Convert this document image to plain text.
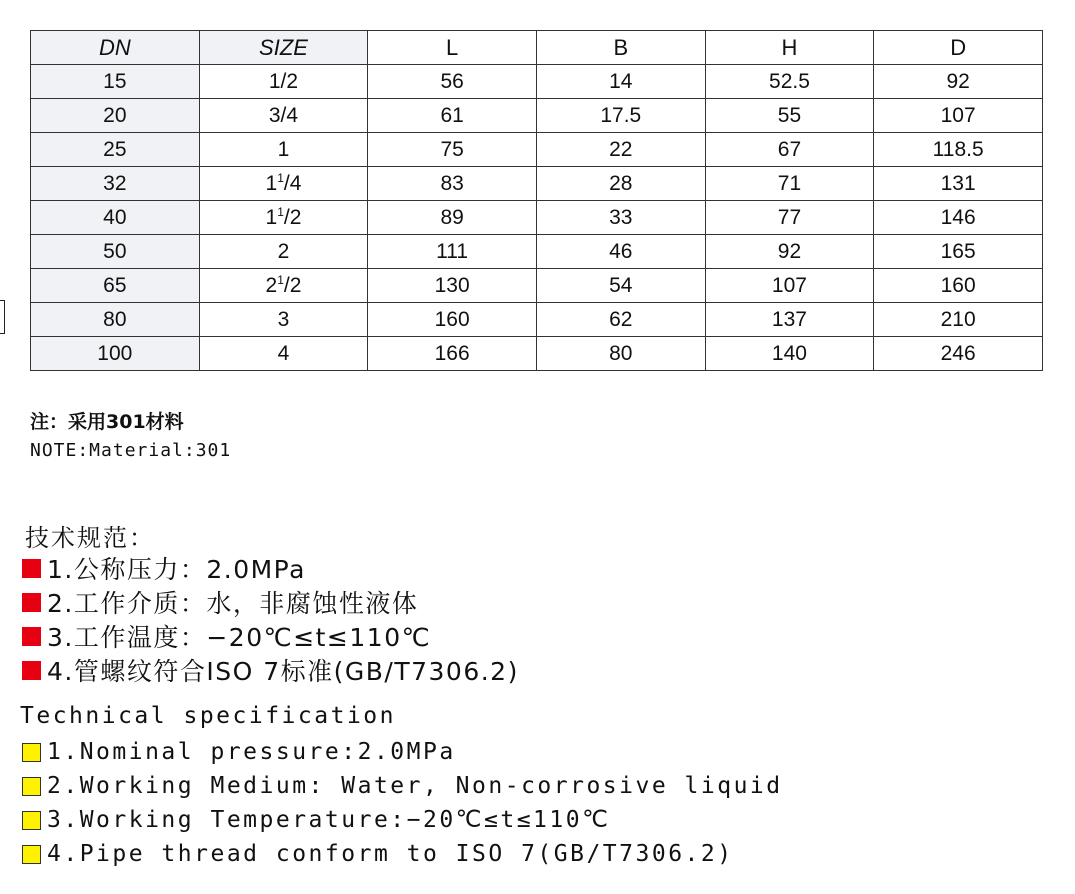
DN	SIZE	L	B	H	D
15	1/2	56	14	52.5	92
20	3/4	61	17.5	55	107
25	1	75	22	67	118.5
32	$1^1/4$	83	28	71	131
40	$1^1/2$	89	33	77	146
50	2	111	46	92	165
65	$2^1/2$	130	54	107	160
80	3	160	62	137	210
100	4	166	80	140	246
注：采用301材料
NOTE:Material:301
技术规范：
1.公称压力：2.0MPa
2.工作介质：水，非腐蚀性液体
3.工作温度：−20℃≤t≤110℃
4.管螺纹符合ISO 7标准(GB/T7306.2)
Technical specification
1.Nominal pressure:2.0MPa
2.Working Medium: Water, Non-corrosive liquid
3.Working Temperature:−20℃≤t≤110℃
4.Pipe thread conform to ISO 7(GB/T7306.2)
